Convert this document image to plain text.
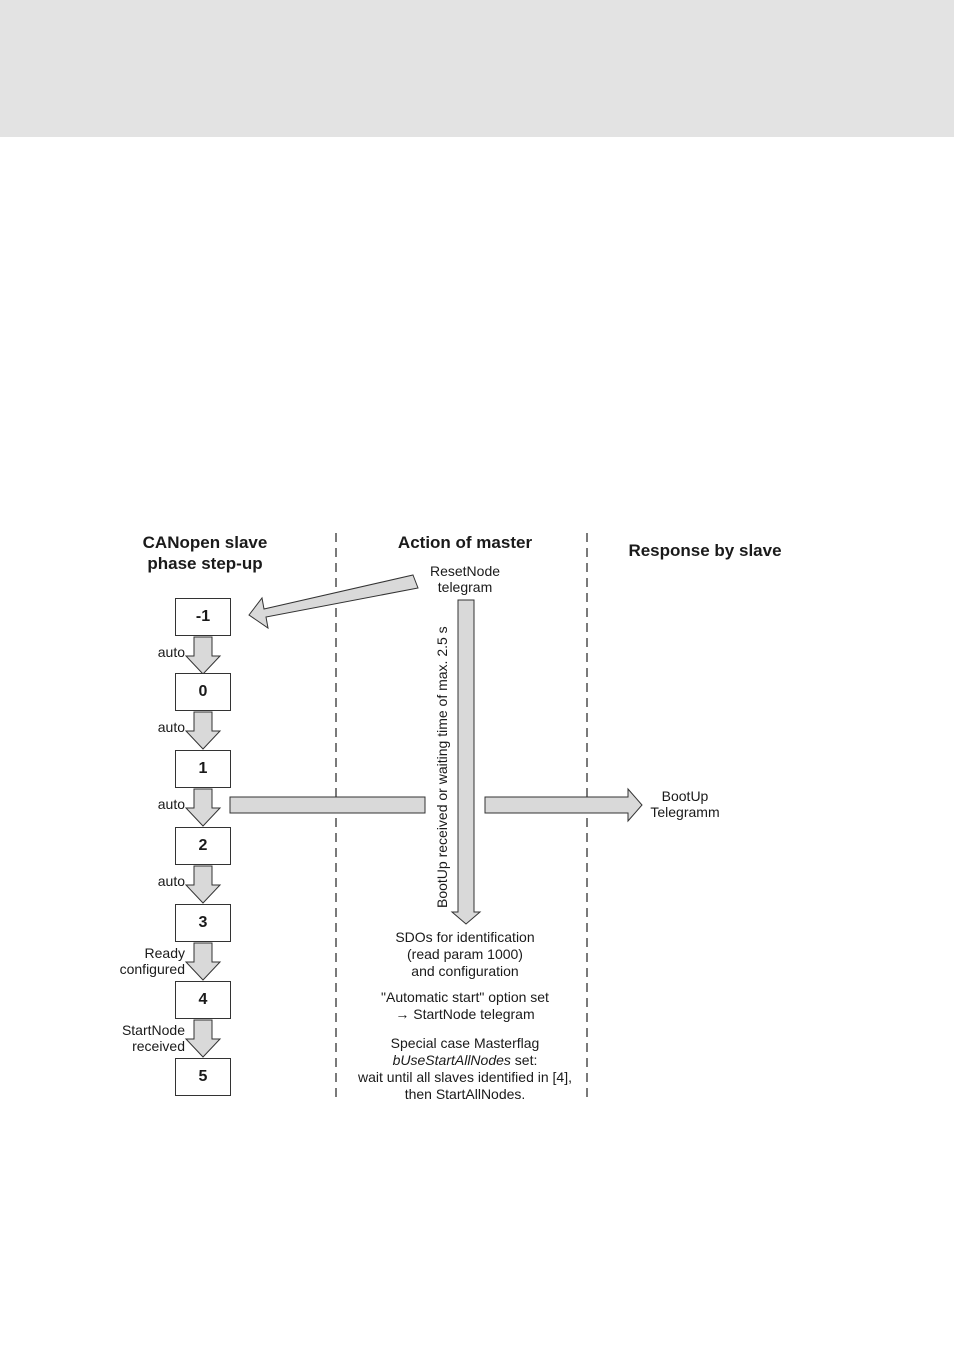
CANopen slave
phase step-up
Action of master	Response by slave
-1
0
1
2
3
4
5
auto
auto
auto
auto
Ready
configured
StartNode
received
ResetNode
telegram
BootUp received or waiting time of max. 2.5 s
SDOs for identification
(read param 1000)
and configuration
"Automatic start" option set
→ StartNode telegram
Special case Masterflag
bUseStartAllNodes set:
wait until all slaves identified in [4],
then StartAllNodes.
BootUp
Telegramm
